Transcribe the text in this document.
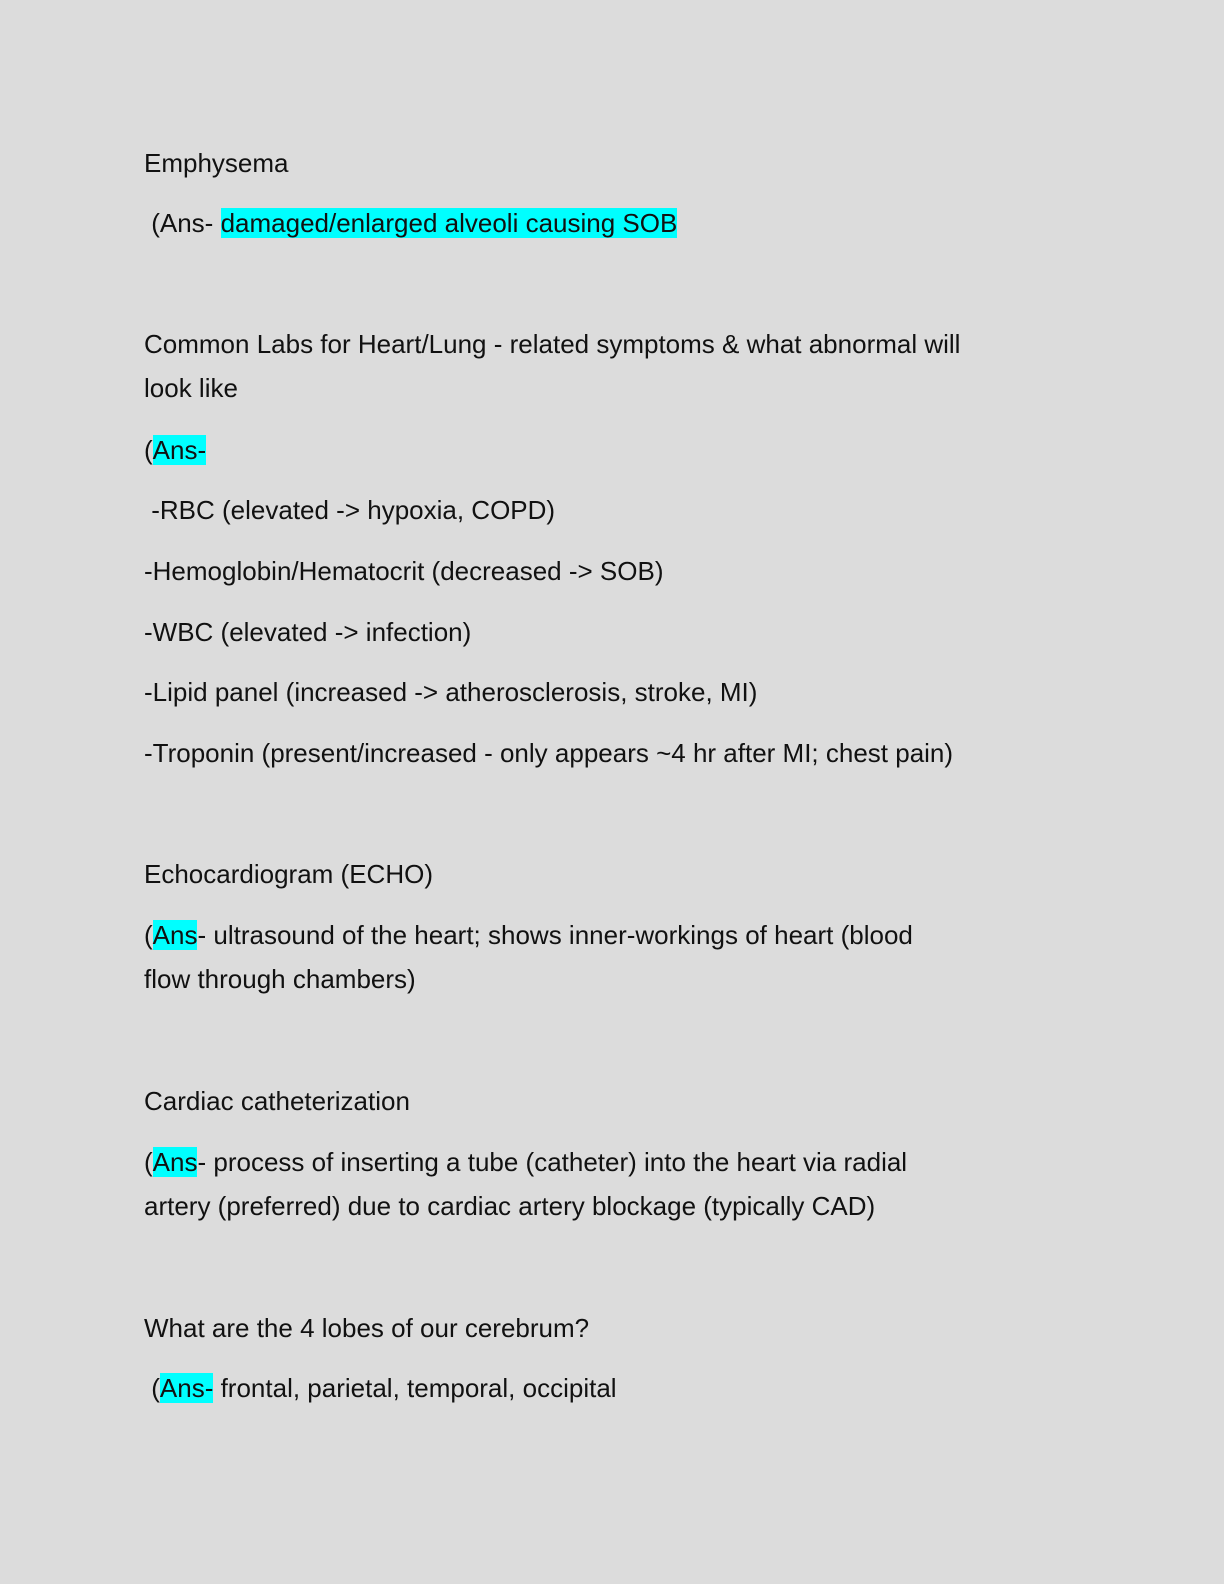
Emphysema

(Ans- damaged/enlarged alveoli causing SOB

Common Labs for Heart/Lung - related symptoms & what abnormal will

look like

(Ans-

-RBC (elevated -> hypoxia, COPD)

-Hemoglobin/Hematocrit (decreased -> SOB)

-WBC (elevated -> infection)

-Lipid panel (increased -> atherosclerosis, stroke, MI)

-Troponin (present/increased - only appears ~4 hr after MI; chest pain)

Echocardiogram (ECHO)

(Ans- ultrasound of the heart; shows inner-workings of heart (blood

flow through chambers)

Cardiac catheterization

(Ans- process of inserting a tube (catheter) into the heart via radial

artery (preferred) due to cardiac artery blockage (typically CAD)

What are the 4 lobes of our cerebrum?

(Ans- frontal, parietal, temporal, occipital
